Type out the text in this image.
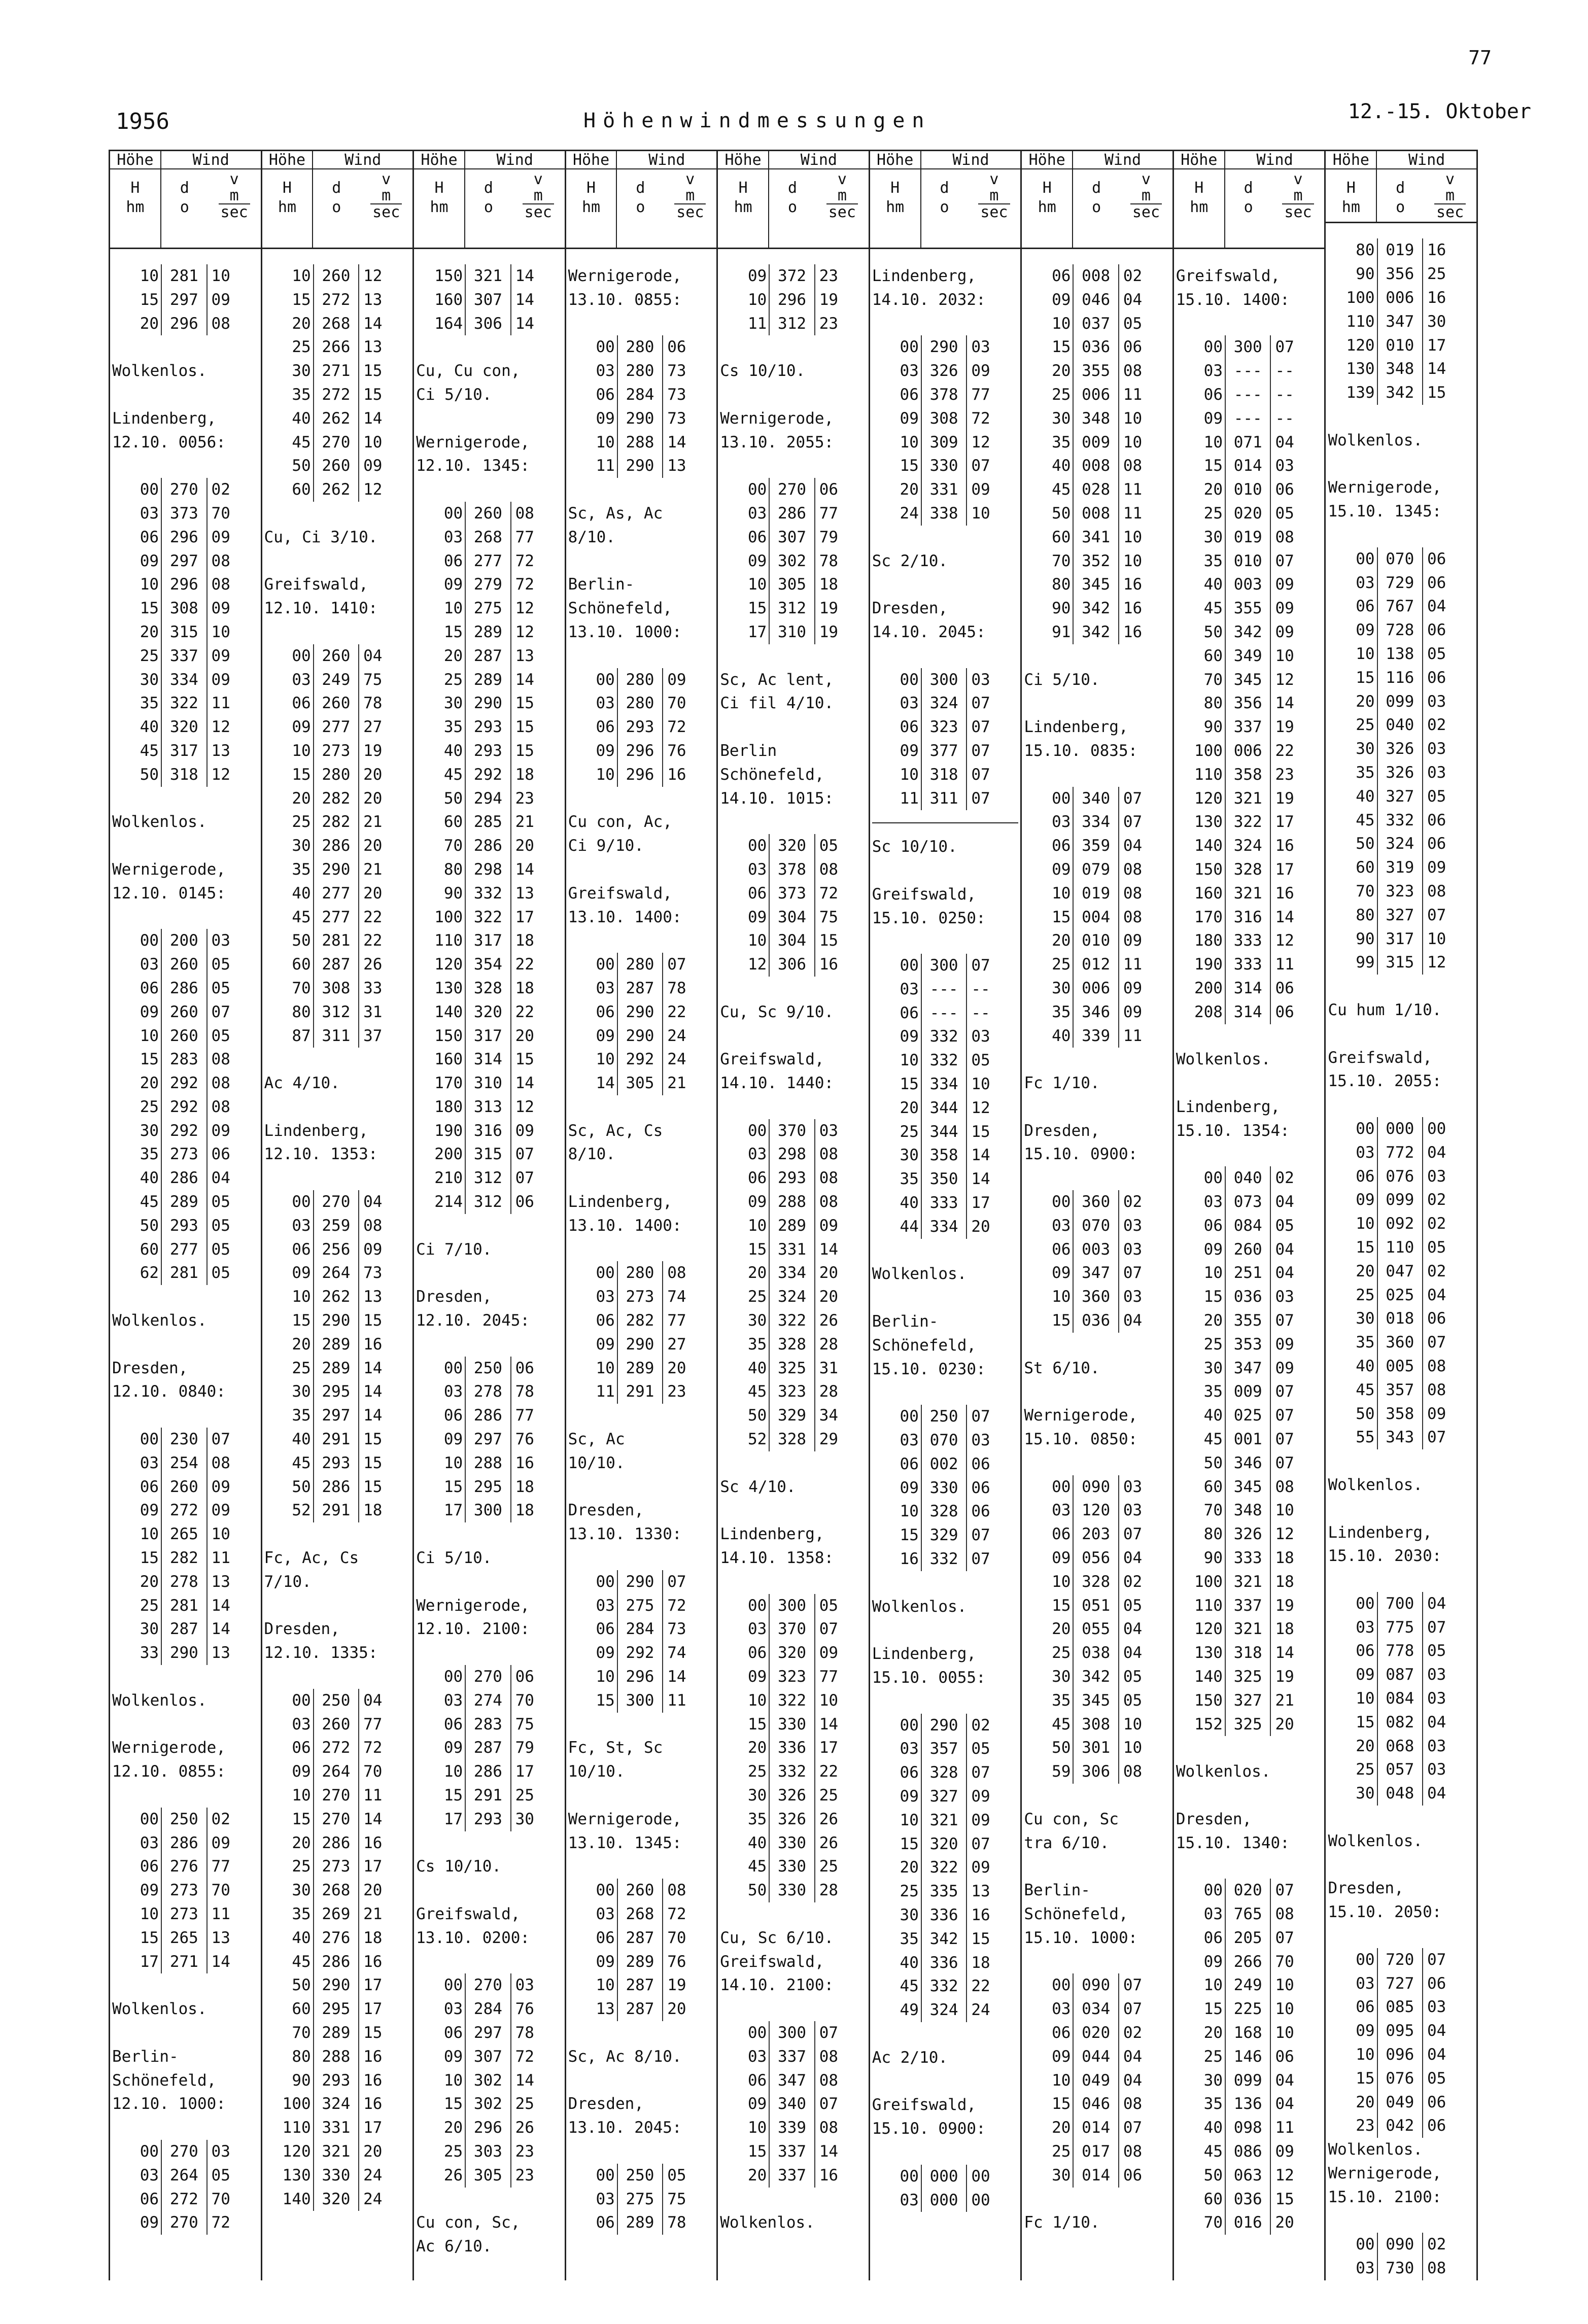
77
1956	Höhenwindmessungen	12.-15. Oktober
Höhe	Wind
H
hm
d
o
v
m
sec
10 281 10
15 297 09
20 296 08
Wolkenlos.
Lindenberg,
12.10. 0056:
00 270 02
03 373 70
06 296 09
09 297 08
10 296 08
15 308 09
20 315 10
25 337 09
30 334 09
35 322 11
40 320 12
45 317 13
50 318 12
Wolkenlos.
Wernigerode,
12.10. 0145:
00 200 03
03 260 05
06 286 05
09 260 07
10 260 05
15 283 08
20 292 08
25 292 08
30 292 09
35 273 06
40 286 04
45 289 05
50 293 05
60 277 05
62 281 05
Wolkenlos.
Dresden,
12.10. 0840:
00 230 07
03 254 08
06 260 09
09 272 09
10 265 10
15 282 11
20 278 13
25 281 14
30 287 14
33 290 13
Wolkenlos.
Wernigerode,
12.10. 0855:
00 250 02
03 286 09
06 276 77
09 273 70
10 273 11
15 265 13
17 271 14
Wolkenlos.
Berlin-
Schönefeld,
12.10. 1000:
00 270 03
03 264 05
06 272 70
09 270 72
Höhe	Wind
H
hm
d
o
v
m
sec
10 260 12
15 272 13
20 268 14
25 266 13
30 271 15
35 272 15
40 262 14
45 270 10
50 260 09
60 262 12
Cu, Ci 3/10.
Greifswald,
12.10. 1410:
00 260 04
03 249 75
06 260 78
09 277 27
10 273 19
15 280 20
20 282 20
25 282 21
30 286 20
35 290 21
40 277 20
45 277 22
50 281 22
60 287 26
70 308 33
80 312 31
87 311 37
Ac 4/10.
Lindenberg,
12.10. 1353:
00 270 04
03 259 08
06 256 09
09 264 73
10 262 13
15 290 15
20 289 16
25 289 14
30 295 14
35 297 14
40 291 15
45 293 15
50 286 15
52 291 18
Fc, Ac, Cs
7/10.
Dresden,
12.10. 1335:
00 250 04
03 260 77
06 272 72
09 264 70
10 270 11
15 270 14
20 286 16
25 273 17
30 268 20
35 269 21
40 276 18
45 286 16
50 290 17
60 295 17
70 289 15
80 288 16
90 293 16
100 324 16
110 331 17
120 321 20
130 330 24
140 320 24
Höhe	Wind
H
hm
d
o
v
m
sec
150 321 14
160 307 14
164 306 14
Cu, Cu con,
Ci 5/10.
Wernigerode,
12.10. 1345:
00 260 08
03 268 77
06 277 72
09 279 72
10 275 12
15 289 12
20 287 13
25 289 14
30 290 15
35 293 15
40 293 15
45 292 18
50 294 23
60 285 21
70 286 20
80 298 14
90 332 13
100 322 17
110 317 18
120 354 22
130 328 18
140 320 22
150 317 20
160 314 15
170 310 14
180 313 12
190 316 09
200 315 07
210 312 07
214 312 06
Ci 7/10.
Dresden,
12.10. 2045:
00 250 06
03 278 78
06 286 77
09 297 76
10 288 16
15 295 18
17 300 18
Ci 5/10.
Wernigerode,
12.10. 2100:
00 270 06
03 274 70
06 283 75
09 287 79
10 286 17
15 291 25
17 293 30
Cs 10/10.
Greifswald,
13.10. 0200:
00 270 03
03 284 76
06 297 78
09 307 72
10 302 14
15 302 25
20 296 26
25 303 23
26 305 23
Cu con, Sc,
Ac 6/10.
Höhe	Wind
H
hm
d
o
v
m
sec
Wernigerode,
13.10. 0855:
00 280 06
03 280 73
06 284 73
09 290 73
10 288 14
11 290 13
Sc, As, Ac
8/10.
Berlin-
Schönefeld,
13.10. 1000:
00 280 09
03 280 70
06 293 72
09 296 76
10 296 16
Cu con, Ac,
Ci 9/10.
Greifswald,
13.10. 1400:
00 280 07
03 287 78
06 290 22
09 290 24
10 292 24
14 305 21
Sc, Ac, Cs
8/10.
Lindenberg,
13.10. 1400:
00 280 08
03 273 74
06 282 77
09 290 27
10 289 20
11 291 23
Sc, Ac
10/10.
Dresden,
13.10. 1330:
00 290 07
03 275 72
06 284 73
09 292 74
10 296 14
15 300 11
Fc, St, Sc
10/10.
Wernigerode,
13.10. 1345:
00 260 08
03 268 72
06 287 70
09 289 76
10 287 19
13 287 20
Sc, Ac 8/10.
Dresden,
13.10. 2045:
00 250 05
03 275 75
06 289 78
Höhe	Wind
H
hm
d
o
v
m
sec
09 372 23
10 296 19
11 312 23
Cs 10/10.
Wernigerode,
13.10. 2055:
00 270 06
03 286 77
06 307 79
09 302 78
10 305 18
15 312 19
17 310 19
Sc, Ac lent,
Ci fil 4/10.
Berlin
Schönefeld,
14.10. 1015:
00 320 05
03 378 08
06 373 72
09 304 75
10 304 15
12 306 16
Cu, Sc 9/10.
Greifswald,
14.10. 1440:
00 370 03
03 298 08
06 293 08
09 288 08
10 289 09
15 331 14
20 334 20
25 324 20
30 322 26
35 328 28
40 325 31
45 323 28
50 329 34
52 328 29
Sc 4/10.
Lindenberg,
14.10. 1358:
00 300 05
03 370 07
06 320 09
09 323 77
10 322 10
15 330 14
20 336 17
25 332 22
30 326 25
35 326 26
40 330 26
45 330 25
50 330 28
Cu, Sc 6/10.
Greifswald,
14.10. 2100:
00 300 07
03 337 08
06 347 08
09 340 07
10 339 08
15 337 14
20 337 16
Wolkenlos.
Höhe	Wind
H
hm
d
o
v
m
sec
Lindenberg,
14.10. 2032:
00 290 03
03 326 09
06 378 77
09 308 72
10 309 12
15 330 07
20 331 09
24 338 10
Sc 2/10.
Dresden,
14.10. 2045:
00 300 03
03 324 07
06 323 07
09 377 07
10 318 07
11 311 07
Sc 10/10.
Greifswald,
15.10. 0250:
00 300 07
03 --- --
06 --- --
09 332 03
10 332 05
15 334 10
20 344 12
25 344 15
30 358 14
35 350 14
40 333 17
44 334 20
Wolkenlos.
Berlin-
Schönefeld,
15.10. 0230:
00 250 07
03 070 03
06 002 06
09 330 06
10 328 06
15 329 07
16 332 07
Wolkenlos.
Lindenberg,
15.10. 0055:
00 290 02
03 357 05
06 328 07
09 327 09
10 321 09
15 320 07
20 322 09
25 335 13
30 336 16
35 342 15
40 336 18
45 332 22
49 324 24
Ac 2/10.
Greifswald,
15.10. 0900:
00 000 00
03 000 00
Höhe	Wind
H
hm
d
o
v
m
sec
06 008 02
09 046 04
10 037 05
15 036 06
20 355 08
25 006 11
30 348 10
35 009 10
40 008 08
45 028 11
50 008 11
60 341 10
70 352 10
80 345 16
90 342 16
91 342 16
Ci 5/10.
Lindenberg,
15.10. 0835:
00 340 07
03 334 07
06 359 04
09 079 08
10 019 08
15 004 08
20 010 09
25 012 11
30 006 09
35 346 09
40 339 11
Fc 1/10.
Dresden,
15.10. 0900:
00 360 02
03 070 03
06 003 03
09 347 07
10 360 03
15 036 04
St 6/10.
Wernigerode,
15.10. 0850:
00 090 03
03 120 03
06 203 07
09 056 04
10 328 02
15 051 05
20 055 04
25 038 04
30 342 05
35 345 05
45 308 10
50 301 10
59 306 08
Cu con, Sc
tra 6/10.
Berlin-
Schönefeld,
15.10. 1000:
00 090 07
03 034 07
06 020 02
09 044 04
10 049 04
15 046 08
20 014 07
25 017 08
30 014 06
Fc 1/10.
Höhe	Wind
H
hm
d
o
v
m
sec
Greifswald,
15.10. 1400:
00 300 07
03 --- --
06 --- --
09 --- --
10 071 04
15 014 03
20 010 06
25 020 05
30 019 08
35 010 07
40 003 09
45 355 09
50 342 09
60 349 10
70 345 12
80 356 14
90 337 19
100 006 22
110 358 23
120 321 19
130 322 17
140 324 16
150 328 17
160 321 16
170 316 14
180 333 12
190 333 11
200 314 06
208 314 06
Wolkenlos.
Lindenberg,
15.10. 1354:
00 040 02
03 073 04
06 084 05
09 260 04
10 251 04
15 036 03
20 355 07
25 353 09
30 347 09
35 009 07
40 025 07
45 001 07
50 346 07
60 345 08
70 348 10
80 326 12
90 333 18
100 321 18
110 337 19
120 321 18
130 318 14
140 325 19
150 327 21
152 325 20
Wolkenlos.
Dresden,
15.10. 1340:
00 020 07
03 765 08
06 205 07
09 266 70
10 249 10
15 225 10
20 168 10
25 146 06
30 099 04
35 136 04
40 098 11
45 086 09
50 063 12
60 036 15
70 016 20
Höhe	Wind
H
hm
d
o
v
m
sec
80 019 16
90 356 25
100 006 16
110 347 30
120 010 17
130 348 14
139 342 15
Wolkenlos.
Wernigerode,
15.10. 1345:
00 070 06
03 729 06
06 767 04
09 728 06
10 138 05
15 116 06
20 099 03
25 040 02
30 326 03
35 326 03
40 327 05
45 332 06
50 324 06
60 319 09
70 323 08
80 327 07
90 317 10
99 315 12
Cu hum 1/10.
Greifswald,
15.10. 2055:
00 000 00
03 772 04
06 076 03
09 099 02
10 092 02
15 110 05
20 047 02
25 025 04
30 018 06
35 360 07
40 005 08
45 357 08
50 358 09
55 343 07
Wolkenlos.
Lindenberg,
15.10. 2030:
00 700 04
03 775 07
06 778 05
09 087 03
10 084 03
15 082 04
20 068 03
25 057 03
30 048 04
Wolkenlos.
Dresden,
15.10. 2050:
00 720 07
03 727 06
06 085 03
09 095 04
10 096 04
15 076 05
20 049 06
23 042 06
Wolkenlos.
Wernigerode,
15.10. 2100:
00 090 02
03 730 08
